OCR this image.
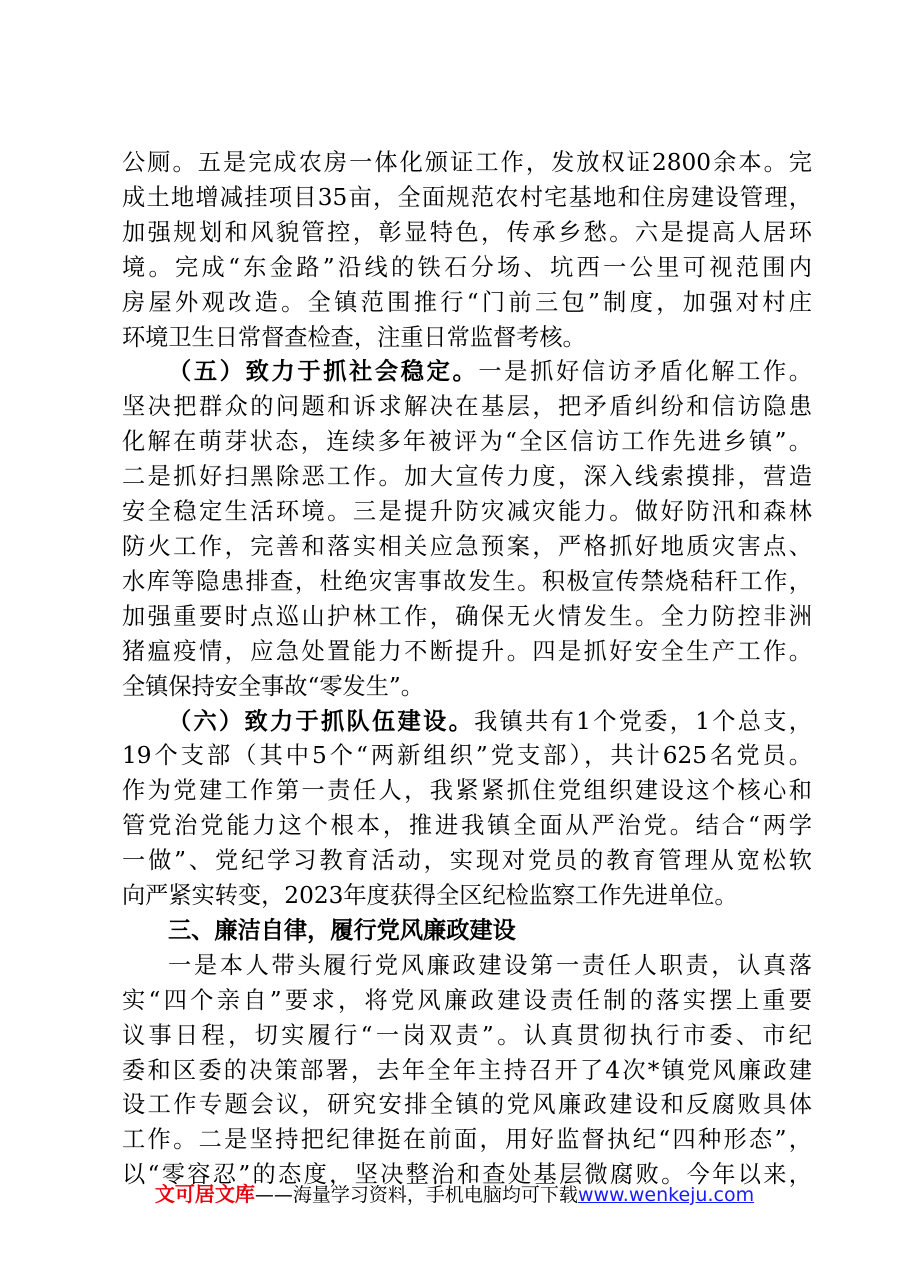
公厕。五是完成农房一体化颁证工作，发放权证2800余本。完
成土地增减挂项目35亩，全面规范农村宅基地和住房建设管理，
加强规划和风貌管控，彰显特色，传承乡愁。六是提高人居环
境。完成“东金路”沿线的铁石分场、坑西一公里可视范围内
房屋外观改造。全镇范围推行“门前三包”制度，加强对村庄
环境卫生日常督查检查，注重日常监督考核。
（五）致力于抓社会稳定。一是抓好信访矛盾化解工作。
坚决把群众的问题和诉求解决在基层，把矛盾纠纷和信访隐患
化解在萌芽状态，连续多年被评为“全区信访工作先进乡镇”。
二是抓好扫黑除恶工作。加大宣传力度，深入线索摸排，营造
安全稳定生活环境。三是提升防灾减灾能力。做好防汛和森林
防火工作，完善和落实相关应急预案，严格抓好地质灾害点、
水库等隐患排查，杜绝灾害事故发生。积极宣传禁烧秸秆工作，
加强重要时点巡山护林工作，确保无火情发生。全力防控非洲
猪瘟疫情，应急处置能力不断提升。四是抓好安全生产工作。
全镇保持安全事故“零发生”。
（六）致力于抓队伍建设。我镇共有1个党委，1个总支，
19个支部（其中5个“两新组织”党支部），共计625名党员。
作为党建工作第一责任人，我紧紧抓住党组织建设这个核心和
管党治党能力这个根本，推进我镇全面从严治党。结合“两学
一做”、党纪学习教育活动，实现对党员的教育管理从宽松软
向严紧实转变，2023年度获得全区纪检监察工作先进单位。
三、廉洁自律，履行党风廉政建设
一是本人带头履行党风廉政建设第一责任人职责，认真落
实“四个亲自”要求，将党风廉政建设责任制的落实摆上重要
议事日程，切实履行“一岗双责”。认真贯彻执行市委、市纪
委和区委的决策部署，去年全年主持召开了4次*镇党风廉政建
设工作专题会议，研究安排全镇的党风廉政建设和反腐败具体
工作。二是坚持把纪律挺在前面，用好监督执纪“四种形态”，
以“零容忍”的态度，坚决整治和查处基层微腐败。今年以来，
文可居文库——海量学习资料，手机电脑均可下载www.wenkeju.com
